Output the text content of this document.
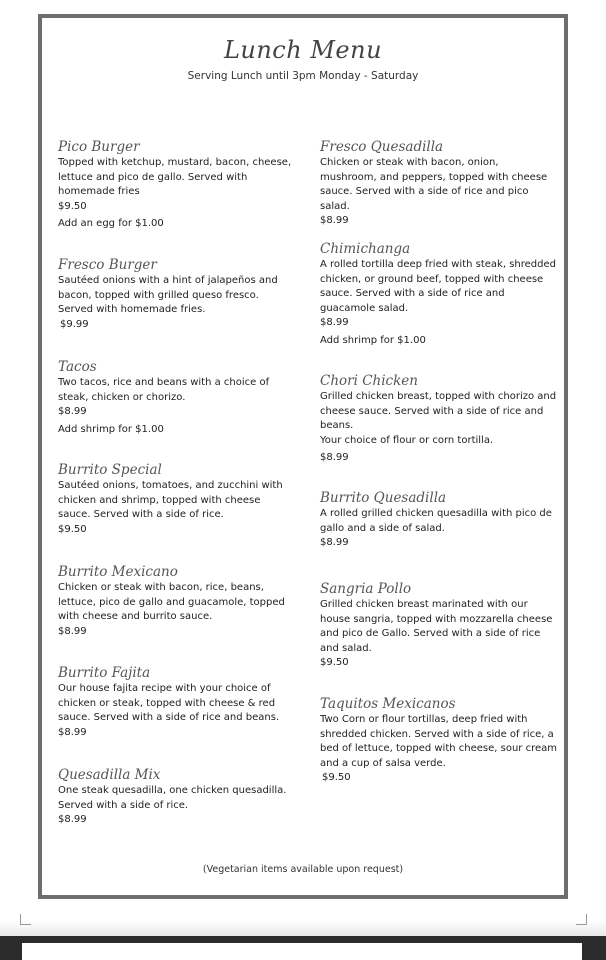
Lunch Menu
Serving Lunch until 3pm Monday - Saturday
Pico Burger
Topped with ketchup, mustard, bacon, cheese, lettuce and pico de gallo. Served with homemade fries
$9.50
Add an egg for $1.00
Fresco Burger
Sautéed onions with a hint of jalapeños and bacon, topped with grilled queso fresco. Served with homemade fries.
$9.99
Tacos
Two tacos, rice and beans with a choice of steak, chicken or chorizo.
$8.99
Add shrimp for $1.00
Burrito Special
Sautéed onions, tomatoes, and zucchini with chicken and shrimp, topped with cheese sauce. Served with a side of rice.
$9.50
Burrito Mexicano
Chicken or steak with bacon, rice, beans, lettuce, pico de gallo and guacamole, topped with cheese and burrito sauce.
$8.99
Burrito Fajita
Our house fajita recipe with your choice of chicken or steak, topped with cheese & red sauce. Served with a side of rice and beans.
$8.99
Quesadilla Mix
One steak quesadilla, one chicken quesadilla. Served with a side of rice.
$8.99
Fresco Quesadilla
Chicken or steak with bacon, onion, mushroom, and peppers, topped with cheese sauce. Served with a side of rice and pico salad.
$8.99
Chimichanga
A rolled tortilla deep fried with steak, shredded chicken, or ground beef, topped with cheese sauce. Served with a side of rice and guacamole salad.
$8.99
Add shrimp for $1.00
Chori Chicken
Grilled chicken breast, topped with chorizo and cheese sauce. Served with a side of rice and beans.
Your choice of flour or corn tortilla.
$8.99
Burrito Quesadilla
A rolled grilled chicken quesadilla with pico de gallo and a side of salad.
$8.99
Sangria Pollo
Grilled chicken breast marinated with our house sangria, topped with mozzarella cheese and pico de Gallo. Served with a side of rice and salad.
$9.50
Taquitos Mexicanos
Two Corn or flour tortillas, deep fried with shredded chicken. Served with a side of rice, a bed of lettuce, topped with cheese, sour cream and a cup of salsa verde.
$9.50
(Vegetarian items available upon request)
